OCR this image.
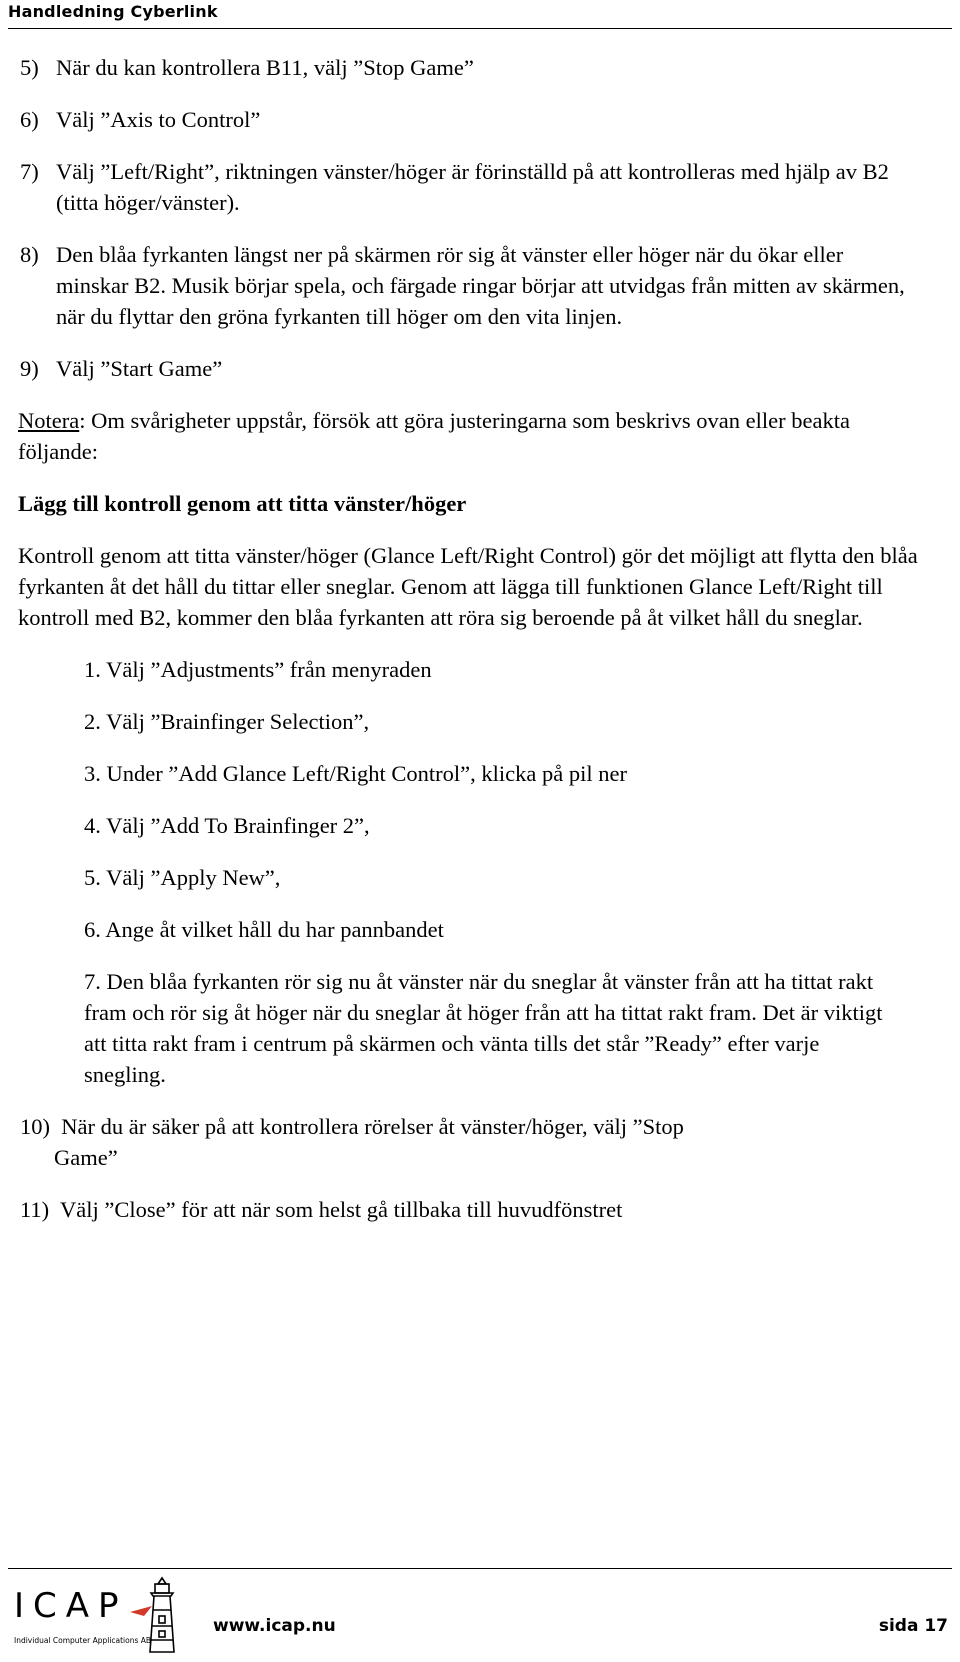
Handledning Cyberlink
5) När du kan kontrollera B11, välj ”Stop Game”
6) Välj ”Axis to Control”
7) Välj ”Left/Right”, riktningen vänster/höger är förinställd på att kontrolleras med hjälp av B2 (titta höger/vänster).
8) Den blåa fyrkanten längst ner på skärmen rör sig åt vänster eller höger när du ökar eller minskar B2. Musik börjar spela, och färgade ringar börjar att utvidgas från mitten av skärmen, när du flyttar den gröna fyrkanten till höger om den vita linjen.
9) Välj ”Start Game”

Notera: Om svårigheter uppstår, försök att göra justeringarna som beskrivs ovan eller beakta följande:

Lägg till kontroll genom att titta vänster/höger

Kontroll genom att titta vänster/höger (Glance Left/Right Control) gör det möjligt att flytta den blåa fyrkanten åt det håll du tittar eller sneglar. Genom att lägga till funktionen Glance Left/Right till kontroll med B2, kommer den blåa fyrkanten att röra sig beroende på åt vilket håll du sneglar.

1. Välj ”Adjustments” från menyraden
2. Välj ”Brainfinger Selection”,
3. Under ”Add Glance Left/Right Control”, klicka på pil ner
4. Välj ”Add To Brainfinger 2”,
5. Välj ”Apply New”,
6. Ange åt vilket håll du har pannbandet
7. Den blåa fyrkanten rör sig nu åt vänster när du sneglar åt vänster från att ha tittat rakt fram och rör sig åt höger när du sneglar åt höger från att ha tittat rakt fram. Det är viktigt att titta rakt fram i centrum på skärmen och vänta tills det står ”Ready” efter varje snegling.
10) När du är säker på att kontrollera rörelser åt vänster/höger, välj ”Stop
Game”
11) Välj ”Close” för att när som helst gå tillbaka till huvudfönstret
ICAP
Individual Computer Applications AB
www.icap.nu	sida 17
